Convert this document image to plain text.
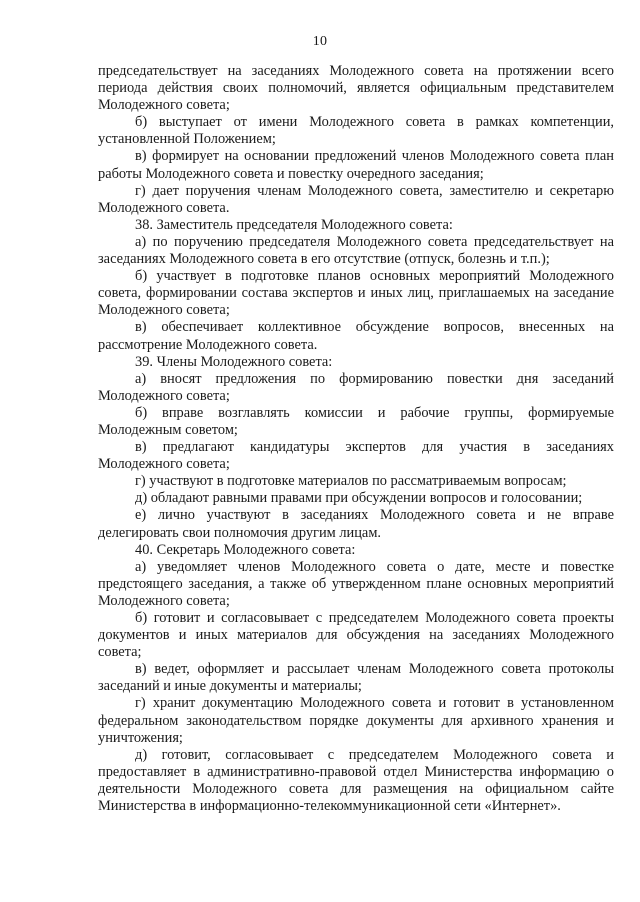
10

председательствует на заседаниях Молодежного совета на протяжении всего периода действия своих полномочий, является официальным представителем Молодежного совета;

б) выступает от имени Молодежного совета в рамках компетенции, установленной Положением;

в) формирует на основании предложений членов Молодежного совета план работы Молодежного совета и повестку очередного заседания;

г) дает поручения членам Молодежного совета, заместителю и секретарю Молодежного совета.

38. Заместитель председателя Молодежного совета:

а) по поручению председателя Молодежного совета председательствует на заседаниях Молодежного совета в его отсутствие (отпуск, болезнь и т.п.);

б) участвует в подготовке планов основных мероприятий Молодежного совета, формировании состава экспертов и иных лиц, приглашаемых на заседание Молодежного совета;

в) обеспечивает коллективное обсуждение вопросов, внесенных на рассмотрение Молодежного совета.

39. Члены Молодежного совета:

а) вносят предложения по формированию повестки дня заседаний Молодежного совета;

б) вправе возглавлять комиссии и рабочие группы, формируемые Молодежным советом;

в) предлагают кандидатуры экспертов для участия в заседаниях Молодежного совета;

г) участвуют в подготовке материалов по рассматриваемым вопросам;

д) обладают равными правами при обсуждении вопросов и голосовании;

е) лично участвуют в заседаниях Молодежного совета и не вправе делегировать свои полномочия другим лицам.

40. Секретарь Молодежного совета:

а) уведомляет членов Молодежного совета о дате, месте и повестке предстоящего заседания, а также об утвержденном плане основных мероприятий Молодежного совета;

б) готовит и согласовывает с председателем Молодежного совета проекты документов и иных материалов для обсуждения на заседаниях Молодежного совета;

в) ведет, оформляет и рассылает членам Молодежного совета протоколы заседаний и иные документы и материалы;

г) хранит документацию Молодежного совета и готовит в установленном федеральном законодательством порядке документы для архивного хранения и уничтожения;

д) готовит, согласовывает с председателем Молодежного совета и предоставляет в административно-правовой отдел Министерства информацию о деятельности Молодежного совета для размещения на официальном сайте Министерства в информационно-телекоммуникационной сети «Интернет».
